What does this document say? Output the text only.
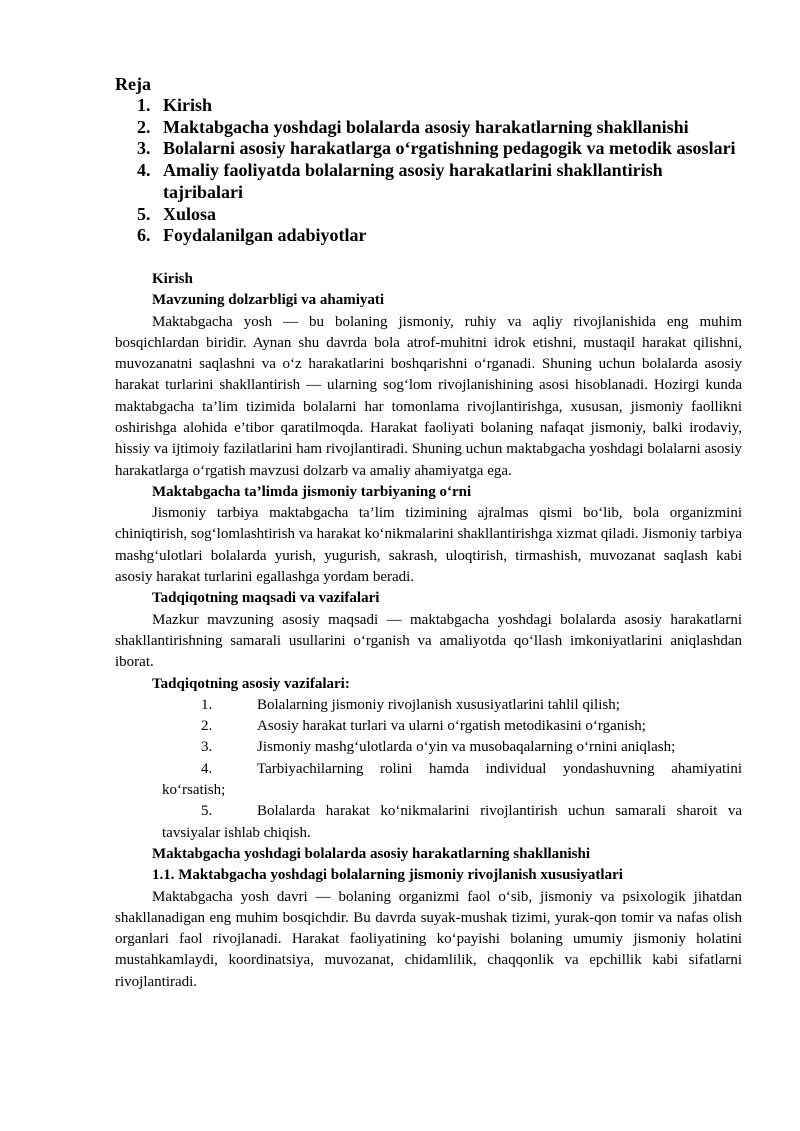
Reja

1. Kirish
2. Maktabgacha yoshdagi bolalarda asosiy harakatlarning shakllanishi
3. Bolalarni asosiy harakatlarga o‘rgatishning pedagogik va metodik asoslari
4. Amaliy faoliyatda bolalarning asosiy harakatlarini shakllantirish tajribalari
5. Xulosa
6. Foydalanilgan adabiyotlar

Kirish

Mavzuning dolzarbligi va ahamiyati

Maktabgacha yosh — bu bolaning jismoniy, ruhiy va aqliy rivojlanishida eng muhim bosqichlardan biridir. Aynan shu davrda bola atrof-muhitni idrok etishni, mustaqil harakat qilishni, muvozanatni saqlashni va o‘z harakatlarini boshqarishni o‘rganadi. Shuning uchun bolalarda asosiy harakat turlarini shakllantirish — ularning sog‘lom rivojlanishining asosi hisoblanadi. Hozirgi kunda maktabgacha ta’lim tizimida bolalarni har tomonlama rivojlantirishga, xususan, jismoniy faollikni oshirishga alohida e’tibor qaratilmoqda. Harakat faoliyati bolaning nafaqat jismoniy, balki irodaviy, hissiy va ijtimoiy fazilatlarini ham rivojlantiradi. Shuning uchun maktabgacha yoshdagi bolalarni asosiy harakatlarga o‘rgatish mavzusi dolzarb va amaliy ahamiyatga ega.

Maktabgacha ta’limda jismoniy tarbiyaning o‘rni

Jismoniy tarbiya maktabgacha ta’lim tizimining ajralmas qismi bo‘lib, bola organizmini chiniqtirish, sog‘lomlashtirish va harakat ko‘nikmalarini shakllantirishga xizmat qiladi. Jismoniy tarbiya mashg‘ulotlari bolalarda yurish, yugurish, sakrash, uloqtirish, tirmashish, muvozanat saqlash kabi asosiy harakat turlarini egallashga yordam beradi.

Tadqiqotning maqsadi va vazifalari

Mazkur mavzuning asosiy maqsadi — maktabgacha yoshdagi bolalarda asosiy harakatlarni shakllantirishning samarali usullarini o‘rganish va amaliyotda qo‘llash imkoniyatlarini aniqlashdan iborat.

Tadqiqotning asosiy vazifalari:

1.	Bolalarning jismoniy rivojlanish xususiyatlarini tahlil qilish;
2.	Asosiy harakat turlari va ularni o‘rgatish metodikasini o‘rganish;
3.	Jismoniy mashg‘ulotlarda o‘yin va musobaqalarning o‘rnini aniqlash;
4.	Tarbiyachilarning rolini hamda individual yondashuvning ahamiyatini ko‘rsatish;
5.	Bolalarda harakat ko‘nikmalarini rivojlantirish uchun samarali sharoit va tavsiyalar ishlab chiqish.

Maktabgacha yoshdagi bolalarda asosiy harakatlarning shakllanishi

1.1. Maktabgacha yoshdagi bolalarning jismoniy rivojlanish xususiyatlari

Maktabgacha yosh davri — bolaning organizmi faol o‘sib, jismoniy va psixologik jihatdan shakllanadigan eng muhim bosqichdir. Bu davrda suyak-mushak tizimi, yurak-qon tomir va nafas olish organlari faol rivojlanadi. Harakat faoliyatining ko‘payishi bolaning umumiy jismoniy holatini mustahkamlaydi, koordinatsiya, muvozanat, chidamlilik, chaqqonlik va epchillik kabi sifatlarni rivojlantiradi.
